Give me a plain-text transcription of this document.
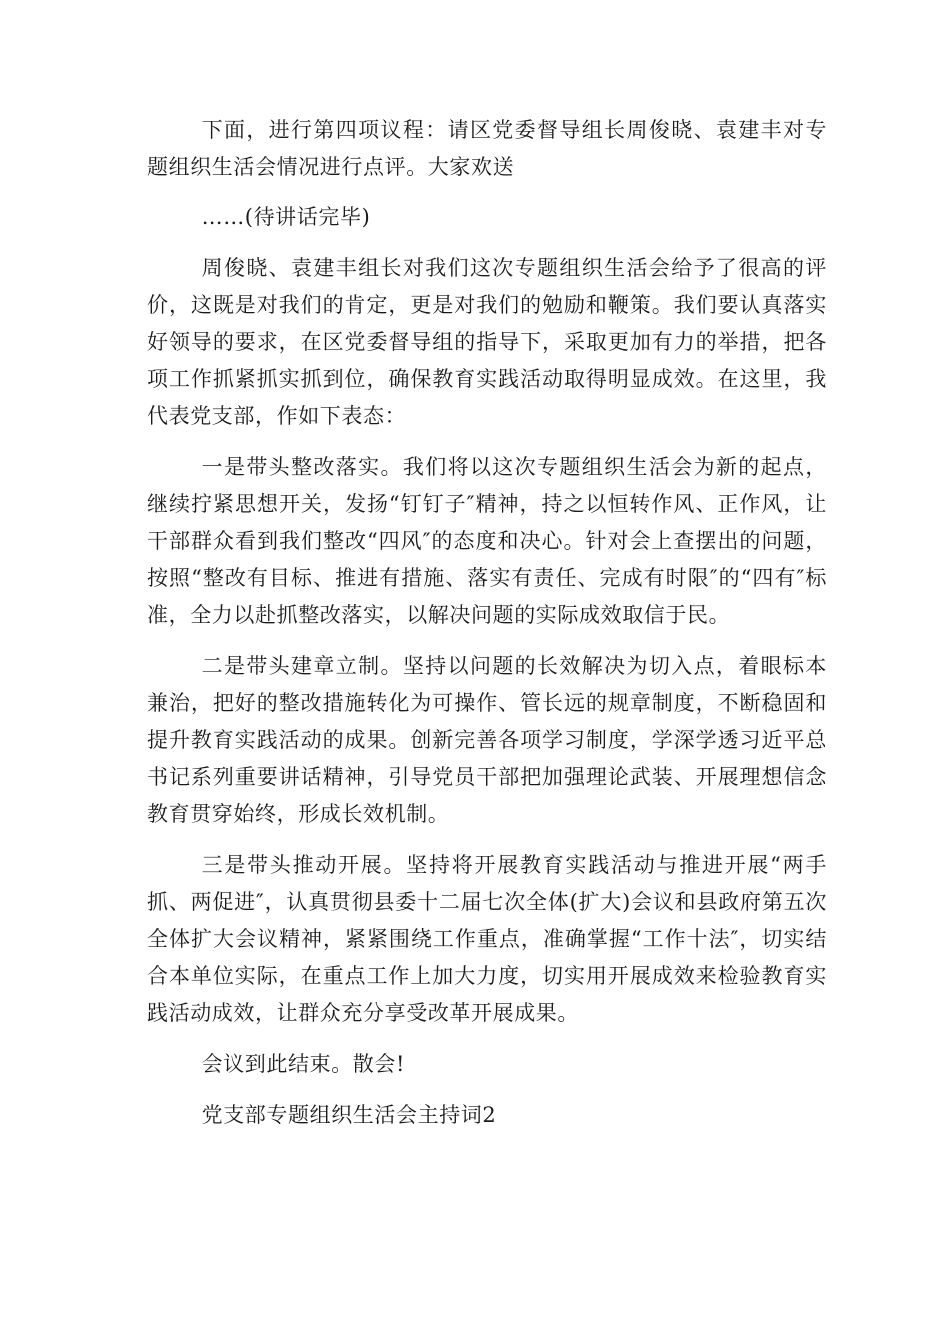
下面，进行第四项议程：请区党委督导组长周俊晓、袁建丰对专题组织生活会情况进行点评。大家欢送

……(待讲话完毕)

周俊晓、袁建丰组长对我们这次专题组织生活会给予了很高的评价，这既是对我们的肯定，更是对我们的勉励和鞭策。我们要认真落实好领导的要求，在区党委督导组的指导下，采取更加有力的举措，把各项工作抓紧抓实抓到位，确保教育实践活动取得明显成效。在这里，我代表党支部，作如下表态：

一是带头整改落实。我们将以这次专题组织生活会为新的起点，继续拧紧思想开关，发扬“钉钉子″精神，持之以恒转作风、正作风，让干部群众看到我们整改“四风″的态度和决心。针对会上查摆出的问题，按照“整改有目标、推进有措施、落实有责任、完成有时限″的“四有″标准，全力以赴抓整改落实，以解决问题的实际成效取信于民。

二是带头建章立制。坚持以问题的长效解决为切入点，着眼标本兼治，把好的整改措施转化为可操作、管长远的规章制度，不断稳固和提升教育实践活动的成果。创新完善各项学习制度，学深学透习近平总书记系列重要讲话精神，引导党员干部把加强理论武装、开展理想信念教育贯穿始终，形成长效机制。

三是带头推动开展。坚持将开展教育实践活动与推进开展“两手抓、两促进″，认真贯彻县委十二届七次全体(扩大)会议和县政府第五次全体扩大会议精神，紧紧围绕工作重点，准确掌握“工作十法″，切实结合本单位实际，在重点工作上加大力度，切实用开展成效来检验教育实践活动成效，让群众充分享受改革开展成果。

会议到此结束。散会!

党支部专题组织生活会主持词2
